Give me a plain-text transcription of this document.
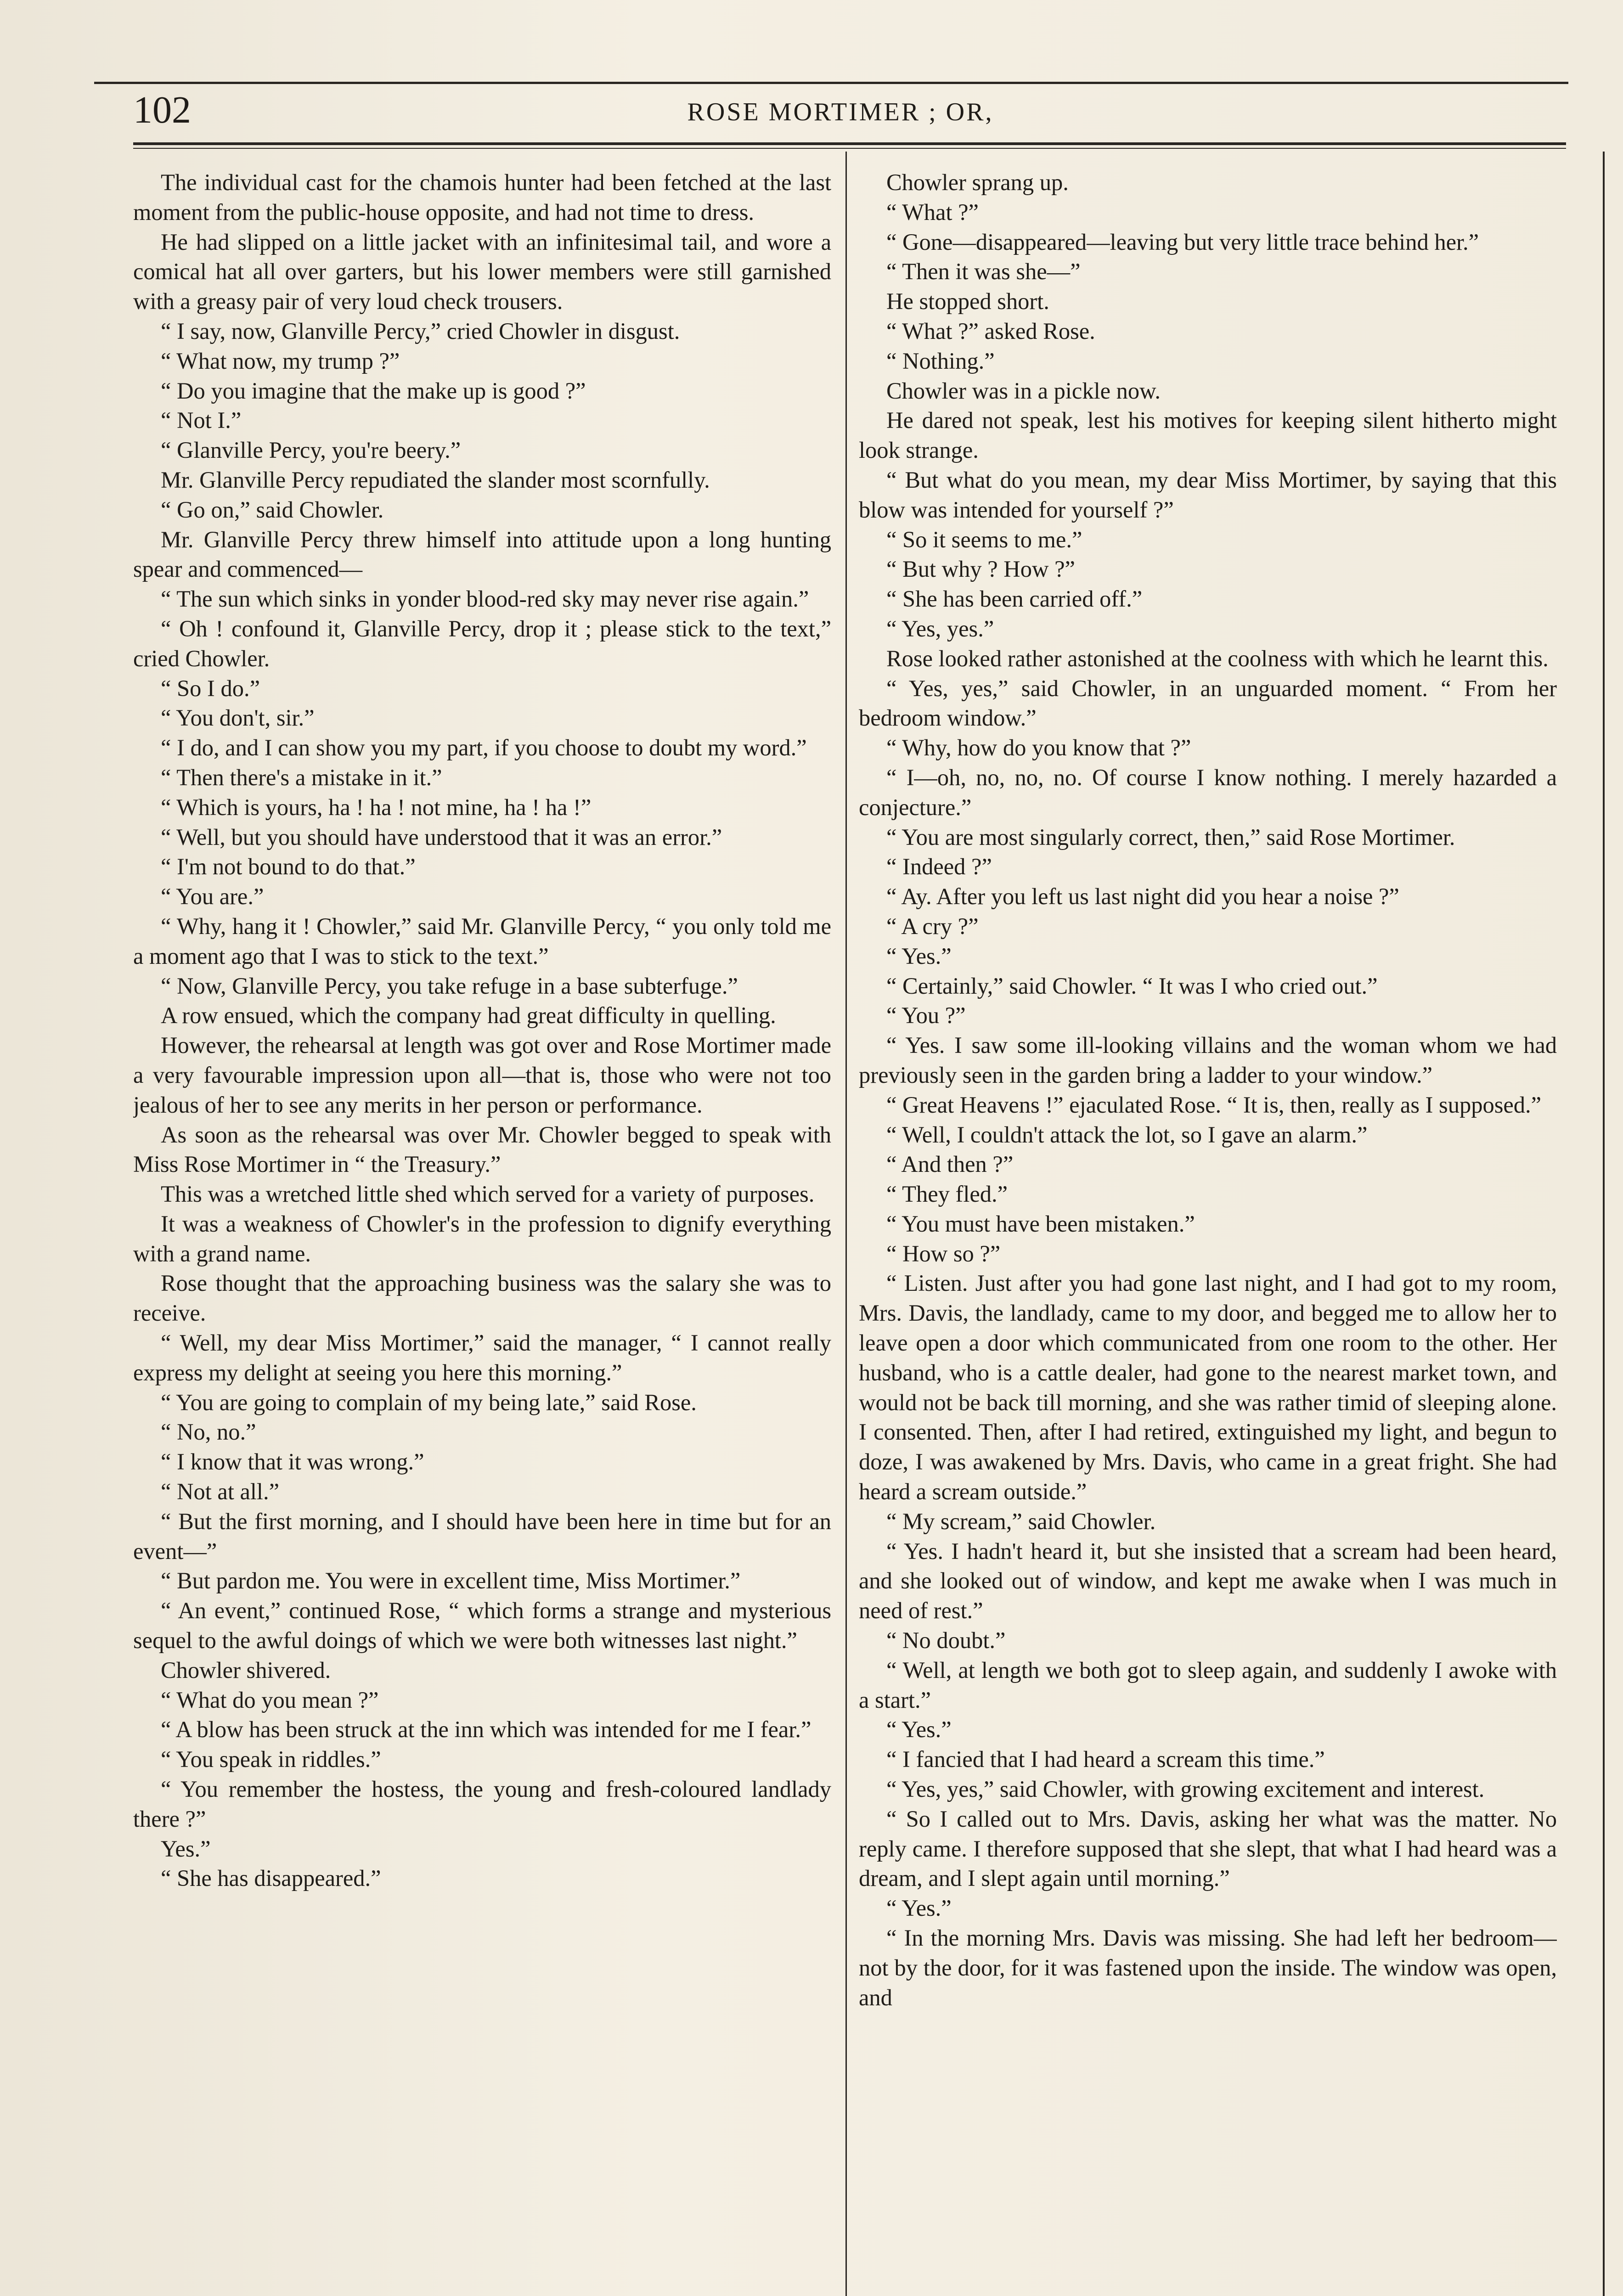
102	ROSE MORTIMER ; OR,

The individual cast for the chamois hunter had been fetched at the last moment from the public-house opposite, and had not time to dress.

He had slipped on a little jacket with an infinitesimal tail, and wore a comical hat all over garters, but his lower members were still garnished with a greasy pair of very loud check trousers.

“ I say, now, Glanville Percy,” cried Chowler in disgust.

“ What now, my trump ?”

“ Do you imagine that the make up is good ?”

“ Not I.”

“ Glanville Percy, you're beery.”

Mr. Glanville Percy repudiated the slander most scornfully.

“ Go on,” said Chowler.

Mr. Glanville Percy threw himself into attitude upon a long hunting spear and commenced—

“ The sun which sinks in yonder blood-red sky may never rise again.”

“ Oh ! confound it, Glanville Percy, drop it ; please stick to the text,” cried Chowler.

“ So I do.”

“ You don't, sir.”

“ I do, and I can show you my part, if you choose to doubt my word.”

“ Then there's a mistake in it.”

“ Which is yours, ha ! ha ! not mine, ha ! ha !”

“ Well, but you should have understood that it was an error.”

“ I'm not bound to do that.”

“ You are.”

“ Why, hang it ! Chowler,” said Mr. Glanville Percy, “ you only told me a moment ago that I was to stick to the text.”

“ Now, Glanville Percy, you take refuge in a base subterfuge.”

A row ensued, which the company had great difficulty in quelling.

However, the rehearsal at length was got over and Rose Mortimer made a very favourable impression upon all—that is, those who were not too jealous of her to see any merits in her person or performance.

As soon as the rehearsal was over Mr. Chowler begged to speak with Miss Rose Mortimer in “ the Treasury.”

This was a wretched little shed which served for a variety of purposes.

It was a weakness of Chowler's in the profession to dignify everything with a grand name.

Rose thought that the approaching business was the salary she was to receive.

“ Well, my dear Miss Mortimer,” said the manager, “ I cannot really express my delight at seeing you here this morning.”

“ You are going to complain of my being late,” said Rose.

“ No, no.”

“ I know that it was wrong.”

“ Not at all.”

“ But the first morning, and I should have been here in time but for an event—”

“ But pardon me. You were in excellent time, Miss Mortimer.”

“ An event,” continued Rose, “ which forms a strange and mysterious sequel to the awful doings of which we were both witnesses last night.”

Chowler shivered.

“ What do you mean ?”

“ A blow has been struck at the inn which was intended for me I fear.”

“ You speak in riddles.”

“ You remember the hostess, the young and fresh-coloured landlady there ?”

Yes.”

“ She has disappeared.”

Chowler sprang up.

“ What ?”

“ Gone—disappeared—leaving but very little trace behind her.”

“ Then it was she—”

He stopped short.

“ What ?” asked Rose.

“ Nothing.”

Chowler was in a pickle now.

He dared not speak, lest his motives for keeping silent hitherto might look strange.

“ But what do you mean, my dear Miss Mortimer, by saying that this blow was intended for yourself ?”

“ So it seems to me.”

“ But why ? How ?”

“ She has been carried off.”

“ Yes, yes.”

Rose looked rather astonished at the coolness with which he learnt this.

“ Yes, yes,” said Chowler, in an unguarded moment. “ From her bedroom window.”

“ Why, how do you know that ?”

“ I—oh, no, no, no. Of course I know nothing. I merely hazarded a conjecture.”

“ You are most singularly correct, then,” said Rose Mortimer.

“ Indeed ?”

“ Ay. After you left us last night did you hear a noise ?”

“ A cry ?”

“ Yes.”

“ Certainly,” said Chowler. “ It was I who cried out.”

“ You ?”

“ Yes. I saw some ill-looking villains and the woman whom we had previously seen in the garden bring a ladder to your window.”

“ Great Heavens !” ejaculated Rose. “ It is, then, really as I supposed.”

“ Well, I couldn't attack the lot, so I gave an alarm.”

“ And then ?”

“ They fled.”

“ You must have been mistaken.”

“ How so ?”

“ Listen. Just after you had gone last night, and I had got to my room, Mrs. Davis, the landlady, came to my door, and begged me to allow her to leave open a door which communicated from one room to the other. Her husband, who is a cattle dealer, had gone to the nearest market town, and would not be back till morning, and she was rather timid of sleeping alone. I consented. Then, after I had retired, extinguished my light, and begun to doze, I was awakened by Mrs. Davis, who came in a great fright. She had heard a scream outside.”

“ My scream,” said Chowler.

“ Yes. I hadn't heard it, but she insisted that a scream had been heard, and she looked out of window, and kept me awake when I was much in need of rest.”

“ No doubt.”

“ Well, at length we both got to sleep again, and suddenly I awoke with a start.”

“ Yes.”

“ I fancied that I had heard a scream this time.”

“ Yes, yes,” said Chowler, with growing excitement and interest.

“ So I called out to Mrs. Davis, asking her what was the matter. No reply came. I therefore supposed that she slept, that what I had heard was a dream, and I slept again until morning.”

“ Yes.”

“ In the morning Mrs. Davis was missing. She had left her bedroom—not by the door, for it was fastened upon the inside. The window was open, and
